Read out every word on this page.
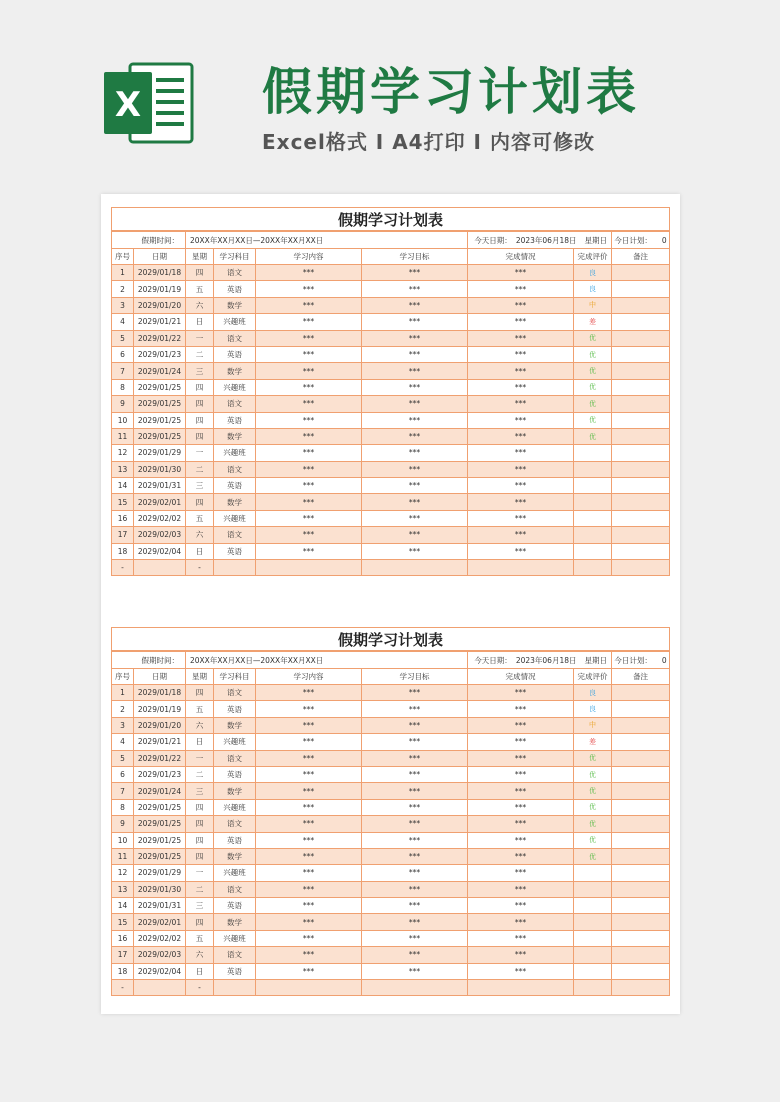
X 假期学习计划表
Excel格式 I A4打印 I 内容可修改
假期学习计划表								
假期时间：		20XX年XX月XX日—20XX年XX月XX日				今天日期： 2023年06月18日 星期日		今日计划： 0
序号	日期	星期	学习科目	学习内容	学习目标	完成情况	完成评价	备注
1	2029/01/18	四	语文	***	***	***	良	
2	2029/01/19	五	英语	***	***	***	良	
3	2029/01/20	六	数学	***	***	***	中	
4	2029/01/21	日	兴趣班	***	***	***	差	
5	2029/01/22	一	语文	***	***	***	优	
6	2029/01/23	二	英语	***	***	***	优	
7	2029/01/24	三	数学	***	***	***	优	
8	2029/01/25	四	兴趣班	***	***	***	优	
9	2029/01/25	四	语文	***	***	***	优	
10	2029/01/25	四	英语	***	***	***	优	
11	2029/01/25	四	数学	***	***	***	优	
12	2029/01/29	一	兴趣班	***	***	***		
13	2029/01/30	二	语文	***	***	***		
14	2029/01/31	三	英语	***	***	***		
15	2029/02/01	四	数学	***	***	***		
16	2029/02/02	五	兴趣班	***	***	***		
17	2029/02/03	六	语文	***	***	***		
18	2029/02/04	日	英语	***	***	***		
-		-						
假期学习计划表								
假期时间：		20XX年XX月XX日—20XX年XX月XX日				今天日期： 2023年06月18日 星期日		今日计划： 0
序号	日期	星期	学习科目	学习内容	学习目标	完成情况	完成评价	备注
1	2029/01/18	四	语文	***	***	***	良	
2	2029/01/19	五	英语	***	***	***	良	
3	2029/01/20	六	数学	***	***	***	中	
4	2029/01/21	日	兴趣班	***	***	***	差	
5	2029/01/22	一	语文	***	***	***	优	
6	2029/01/23	二	英语	***	***	***	优	
7	2029/01/24	三	数学	***	***	***	优	
8	2029/01/25	四	兴趣班	***	***	***	优	
9	2029/01/25	四	语文	***	***	***	优	
10	2029/01/25	四	英语	***	***	***	优	
11	2029/01/25	四	数学	***	***	***	优	
12	2029/01/29	一	兴趣班	***	***	***		
13	2029/01/30	二	语文	***	***	***		
14	2029/01/31	三	英语	***	***	***		
15	2029/02/01	四	数学	***	***	***		
16	2029/02/02	五	兴趣班	***	***	***		
17	2029/02/03	六	语文	***	***	***		
18	2029/02/04	日	英语	***	***	***		
-		-						
